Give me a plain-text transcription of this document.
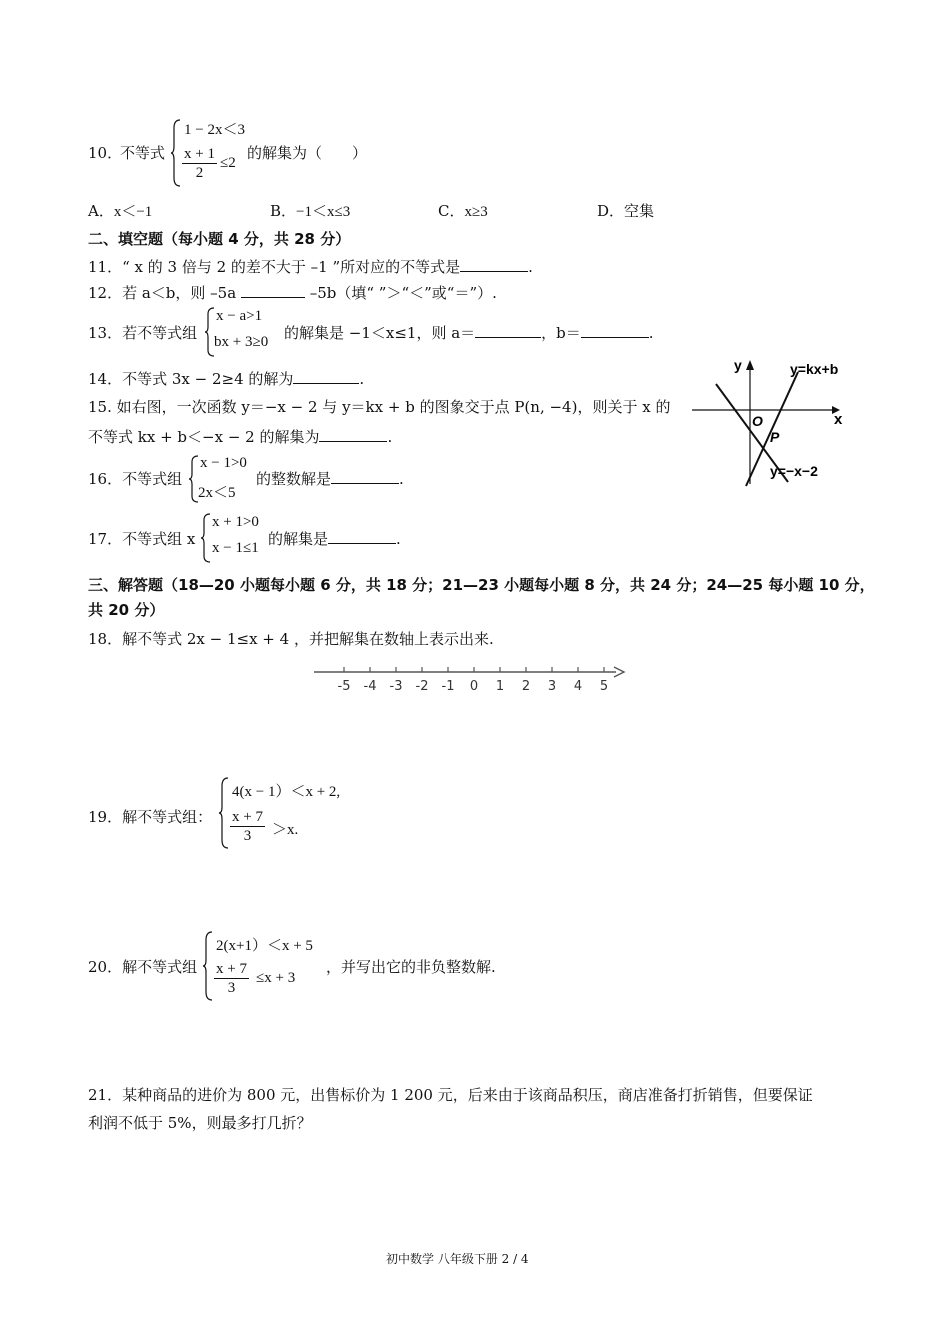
10．
不等式
1 − 2x＜3
$\frac{x + 1}{2} \le 2$
的解集为（　　）
A．x＜−1	B．−1＜x≤3	C．x≥3	D．空集
二、填空题（每小题 4 分，共 28 分）
11．“ x 的 3 倍与 2 的差不大于 –1 ”所对应的不等式是	.
12．若 a＜b，则 –5a	–5b（填“ ”＞“＜”或“＝”）.
13．若不等式组
x − a>1
bx + 3≥0 的解集是 −1＜x≤1，则 a＝	，b＝	.
14．不等式 3x − 2≥4 的解为	.
15. 如右图，一次函数 y＝−x − 2 与 y＝kx + b 的图象交于点 P(n, −4)，则关于 x 的
不等式 kx + b＜−x − 2 的解集为	.
y
x
O
P
y=kx+b
y=−x−2
16．不等式组
x − 1>0
2x＜5
的整数解是	.
17．不等式组 x
x + 1>0
x − 1≤1 的解集是	.
三、解答题（18—20 小题每小题 6 分，共 18 分；21—23 小题每小题 8 分，共 24 分；24—25 每小题 10 分，
共 20 分）
18．解不等式 2x − 1≤x + 4 ，并把解集在数轴上表示出来.
-5 -4 -3 -2 -1 0 1 2 3 4 5
19．解不等式组：
4(x − 1）＜x + 2,
$\frac{x + 7}{3} >x$.
20．解不等式组
2(x+1）＜x + 5
$\frac{x + 7}{3} \le x + 3$
，并写出它的非负整数解.
21．某种商品的进价为 800 元，出售标价为 1 200 元，后来由于该商品积压，商店准备打折销售，但要保证
利润不低于 5%，则最多打几折？
初中数学 八年级下册 2 / 4
